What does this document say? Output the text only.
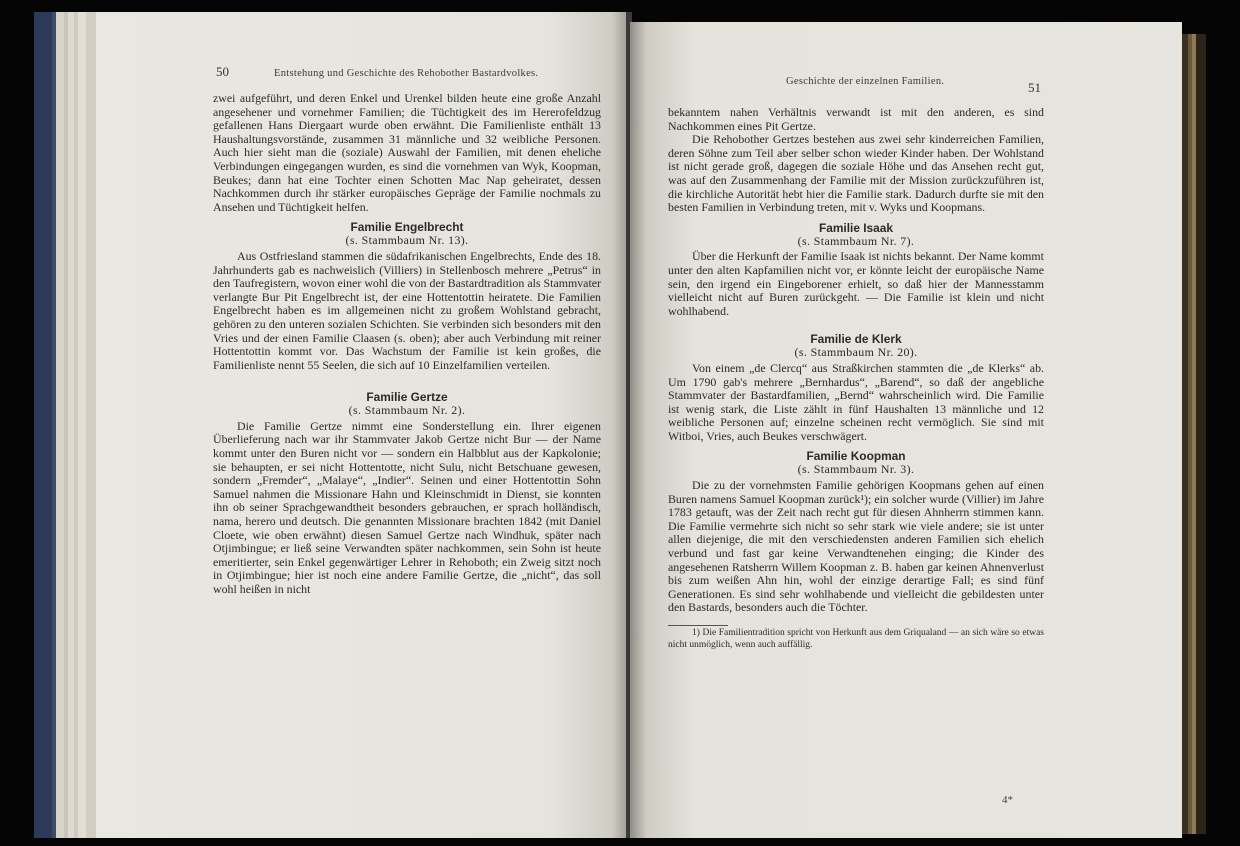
50	Entstehung und Geschichte des Rehobother Bastardvolkes.

zwei aufgeführt, und deren Enkel und Urenkel bilden heute eine große Anzahl angesehener und vornehmer Familien; die Tüchtigkeit des im Hererofeldzug gefallenen Hans Diergaart wurde oben erwähnt. Die Familienliste enthält 13 Haushaltungsvorstände, zusammen 31 männliche und 32 weibliche Personen. Auch hier sieht man die (soziale) Auswahl der Familien, mit denen eheliche Verbindungen eingegangen wurden, es sind die vornehmen van Wyk, Koopman, Beukes; dann hat eine Tochter einen Schotten Mac Nap geheiratet, dessen Nachkommen durch ihr stärker europäisches Gepräge der Familie nochmals zu Ansehen und Tüchtigkeit helfen.

Familie Engelbrecht
(s. Stammbaum Nr. 13).

Aus Ostfriesland stammen die südafrikanischen Engelbrechts, Ende des 18. Jahrhunderts gab es nachweislich (Villiers) in Stellenbosch mehrere „Petrus“ in den Taufregistern, wovon einer wohl die von der Bastardtradition als Stammvater verlangte Bur Pit Engelbrecht ist, der eine Hottentottin heiratete. Die Familien Engelbrecht haben es im allgemeinen nicht zu großem Wohlstand gebracht, gehören zu den unteren sozialen Schichten. Sie verbinden sich besonders mit den Vries und der einen Familie Claasen (s. oben); aber auch Verbindung mit reiner Hottentottin kommt vor. Das Wachstum der Familie ist kein großes, die Familienliste nennt 55 Seelen, die sich auf 10 Einzelfamilien verteilen.

Familie Gertze
(s. Stammbaum Nr. 2).

Die Familie Gertze nimmt eine Sonderstellung ein. Ihrer eigenen Überlieferung nach war ihr Stammvater Jakob Gertze nicht Bur — der Name kommt unter den Buren nicht vor — sondern ein Halbblut aus der Kapkolonie; sie behaupten, er sei nicht Hottentotte, nicht Sulu, nicht Betschuane gewesen, sondern „Fremder“, „Malaye“, „Indier“. Seinen und einer Hottentottin Sohn Samuel nahmen die Missionare Hahn und Kleinschmidt in Dienst, sie konnten ihn ob seiner Sprachgewandtheit besonders gebrauchen, er sprach holländisch, nama, herero und deutsch. Die genannten Missionare brachten 1842 (mit Daniel Cloete, wie oben erwähnt) diesen Samuel Gertze nach Windhuk, später nach Otjimbingue; er ließ seine Verwandten später nachkommen, sein Sohn ist heute emeritierter, sein Enkel gegenwärtiger Lehrer in Rehoboth; ein Zweig sitzt noch in Otjimbingue; hier ist noch eine andere Familie Gertze, die „nicht“, das soll wohl heißen in nicht

Geschichte der einzelnen Familien.	51

bekanntem nahen Verhältnis verwandt ist mit den anderen, es sind Nachkommen eines Pit Gertze.

Die Rehobother Gertzes bestehen aus zwei sehr kinderreichen Familien, deren Söhne zum Teil aber selber schon wieder Kinder haben. Der Wohlstand ist nicht gerade groß, dagegen die soziale Höhe und das Ansehen recht gut, was auf den Zusammenhang der Familie mit der Mission zurückzuführen ist, die kirchliche Autorität hebt hier die Familie stark. Dadurch durfte sie mit den besten Familien in Verbindung treten, mit v. Wyks und Koopmans.

Familie Isaak
(s. Stammbaum Nr. 7).

Über die Herkunft der Familie Isaak ist nichts bekannt. Der Name kommt unter den alten Kapfamilien nicht vor, er könnte leicht der europäische Name sein, den irgend ein Eingeborener erhielt, so daß hier der Mannesstamm vielleicht nicht auf Buren zurückgeht. — Die Familie ist klein und nicht wohlhabend.

Familie de Klerk
(s. Stammbaum Nr. 20).

Von einem „de Clercq“ aus Straßkirchen stammten die „de Klerks“ ab. Um 1790 gab's mehrere „Bernhardus“, „Barend“, so daß der angebliche Stammvater der Bastardfamilien, „Bernd“ wahrscheinlich wird. Die Familie ist wenig stark, die Liste zählt in fünf Haushalten 13 männliche und 12 weibliche Personen auf; einzelne scheinen recht vermöglich. Sie sind mit Witboi, Vries, auch Beukes verschwägert.

Familie Koopman
(s. Stammbaum Nr. 3).

Die zu der vornehmsten Familie gehörigen Koopmans gehen auf einen Buren namens Samuel Koopman zurück¹); ein solcher wurde (Villier) im Jahre 1783 getauft, was der Zeit nach recht gut für diesen Ahnherrn stimmen kann. Die Familie vermehrte sich nicht so sehr stark wie viele andere; sie ist unter allen diejenige, die mit den verschiedensten anderen Familien sich ehelich verbund und fast gar keine Verwandtenehen einging; die Kinder des angesehenen Ratsherrn Willem Koopman z. B. haben gar keinen Ahnenverlust bis zum weißen Ahn hin, wohl der einzige derartige Fall; es sind fünf Generationen. Es sind sehr wohlhabende und vielleicht die gebildesten unter den Bastards, besonders auch die Töchter.

1) Die Familientradition spricht von Herkunft aus dem Griqualand — an sich wäre so etwas nicht unmöglich, wenn auch auffällig.

4*
